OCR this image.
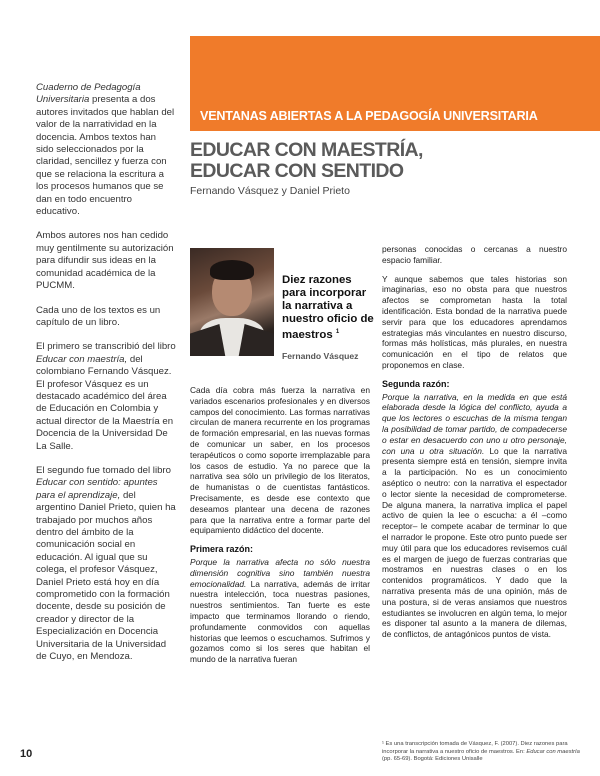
Cuaderno de Pedagogía Universitaria presenta a dos autores invitados que hablan del valor de la narratividad en la docencia. Ambos textos han sido seleccionados por la claridad, sencillez y fuerza con que se relaciona la escritura a los procesos humanos que se dan en todo encuentro educativo.

Ambos autores nos han cedido muy gentilmente su autorización para difundir sus ideas en la comunidad académica de la PUCMM.

Cada uno de los textos es un capítulo de un libro.

El primero se transcribió del libro Educar con maestría, del colombiano Fernando Vásquez. El profesor Vásquez es un destacado académico del área de Educación en Colombia y actual director de la Maestría en Docencia de la Universidad De La Salle.

El segundo fue tomado del libro Educar con sentido: apuntes para el aprendizaje, del argentino Daniel Prieto, quien ha trabajado por muchos años dentro del ámbito de la comunicación social en educación. Al igual que su colega, el profesor Vásquez, Daniel Prieto está hoy en día comprometido con la formación docente, desde su posición de creador y director de la Especialización en Docencia Universitaria de la Universidad de Cuyo, en Mendoza.

VENTANAS ABIERTAS A LA PEDAGOGÍA UNIVERSITARIA
EDUCAR CON MAESTRÍA,
EDUCAR CON SENTIDO
Fernando Vásquez y Daniel Prieto
Diez razones para incorporar la narrativa a nuestro oficio de maestros $^1$
Fernando Vásquez

Cada día cobra más fuerza la narrativa en variados escenarios profesionales y en diversos campos del conocimiento. Las formas narrativas circulan de manera recurrente en los programas de formación empresarial, en las nuevas formas de comunicar un saber, en los procesos terapéuticos o como soporte irremplazable para los casos de estudio. Ya no parece que la narrativa sea sólo un privilegio de los literatos, de humanistas o de cuentistas fantásticos. Precisamente, es desde ese contexto que deseamos plantear una decena de razones para que la narrativa entre a formar parte del equipamiento didáctico del docente.

Primera razón:

Porque la narrativa afecta no sólo nuestra dimensión cognitiva sino también nuestra emocionalidad. La narrativa, además de irritar nuestra intelección, toca nuestras pasiones, nuestros sentimientos. Tan fuerte es este impacto que terminamos llorando o riendo, profundamente conmovidos con aquellas historias que leemos o escuchamos. Sufrimos y gozamos como si los seres que habitan el mundo de la narrativa fueran

personas conocidas o cercanas a nuestro espacio familiar.

Y aunque sabemos que tales historias son imaginarias, eso no obsta para que nuestros afectos se comprometan hasta la total identificación. Esta bondad de la narrativa puede servir para que los educadores aprendamos estrategias más vinculantes en nuestro discurso, formas más holísticas, más plurales, en nuestra comunicación en el tipo de relatos que proponemos en clase.

Segunda razón:

Porque la narrativa, en la medida en que está elaborada desde la lógica del conflicto, ayuda a que los lectores o escuchas de la misma tengan la posibilidad de tomar partido, de compadecerse o estar en desacuerdo con uno u otro personaje, con una u otra situación. Lo que la narrativa presenta siempre está en tensión, siempre invita a la participación. No es un conocimiento aséptico o neutro: con la narrativa el espectador o lector siente la necesidad de comprometerse. De alguna manera, la narrativa implica el papel activo de quien la lee o escucha: a él –como receptor– le compete acabar de terminar lo que el narrador le propone. Este otro punto puede ser muy útil para que los educadores revisemos cuál es el margen de juego de fuerzas contrarias que mostramos en nuestras clases o en los contenidos programáticos. Y dado que la narrativa presenta más de una opinión, más de una postura, si de veras ansiamos que nuestros estudiantes se involucren en algún tema, lo mejor es disponer tal asunto a la manera de dilemas, de conflictos, de antagónicos puntos de vista.

¹ Es una transcripción tomada de Vásquez, F. (2007). Diez razones para incorporar la narrativa a nuestro oficio de maestros. En: Educar con maestría (pp. 65-69). Bogotá: Ediciones Unisalle
10
